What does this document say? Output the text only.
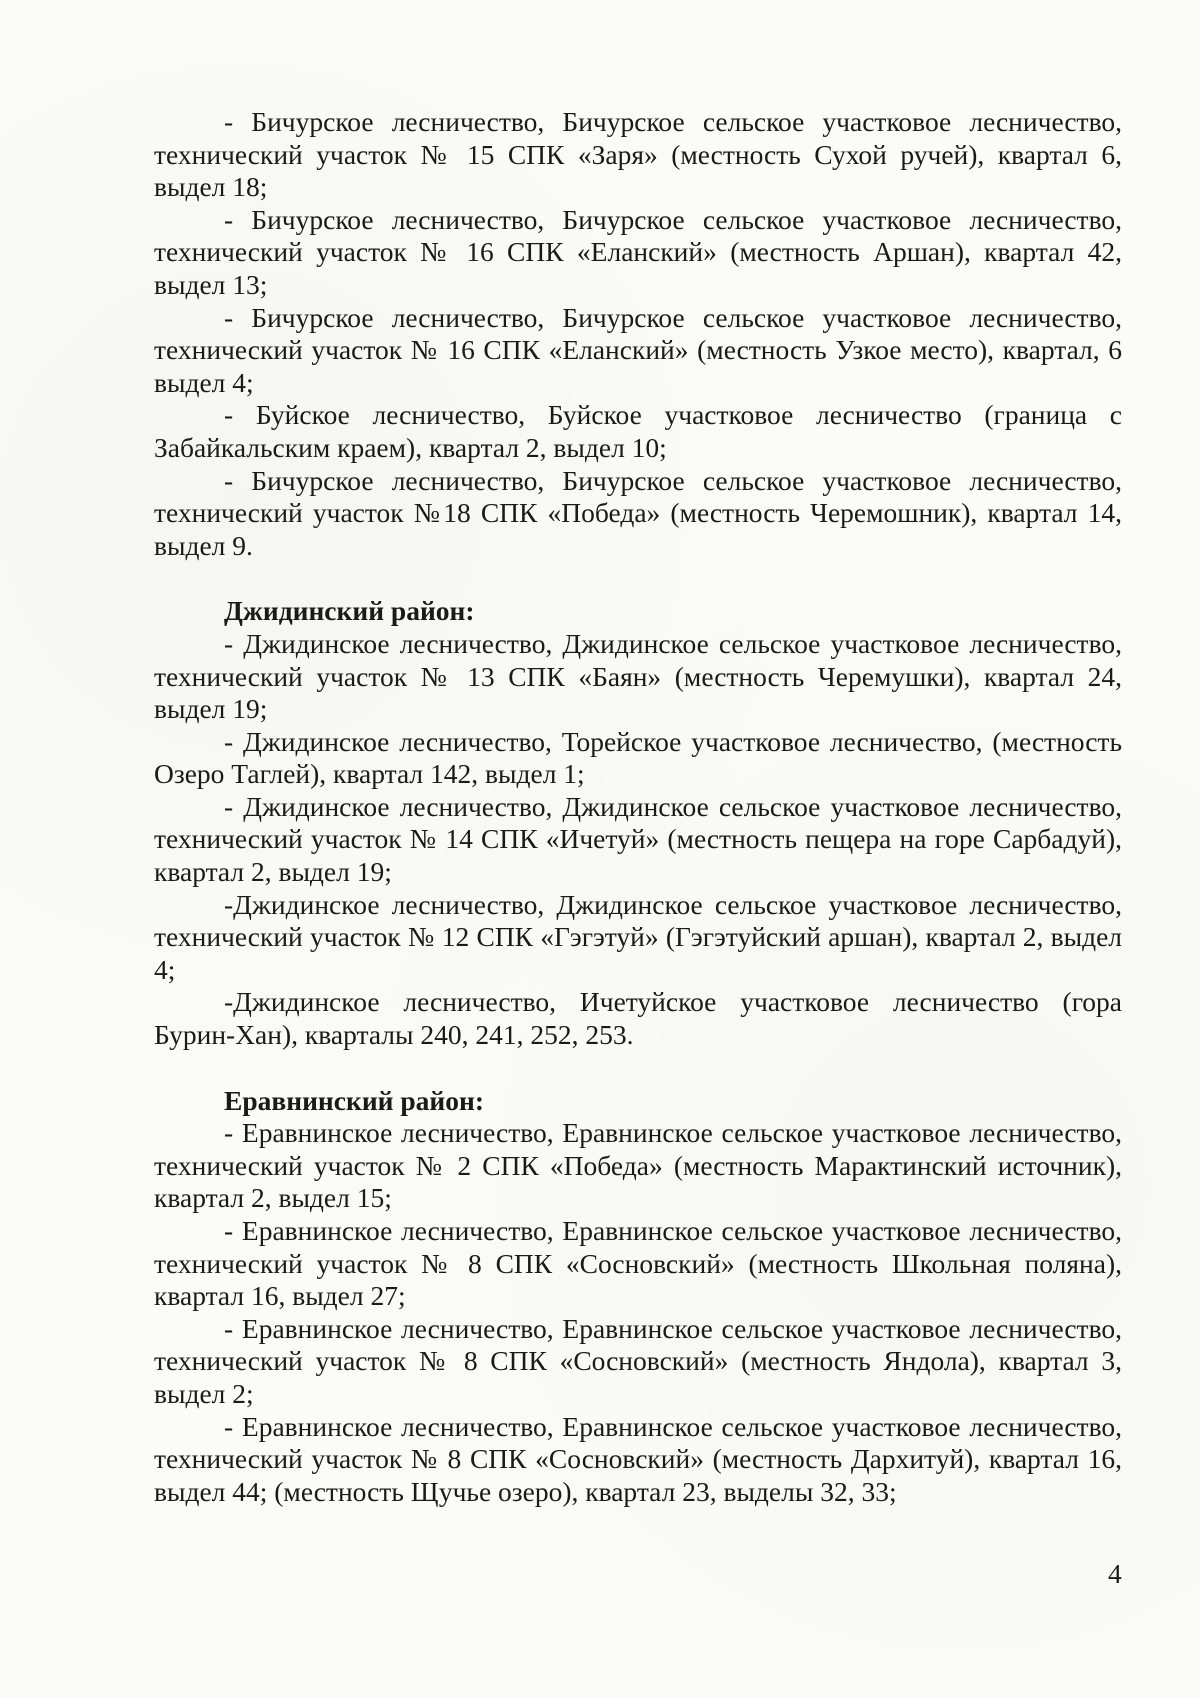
- Бичурское лесничество, Бичурское сельское участковое лесничество, технический участок № 15 СПК «Заря» (местность Сухой ручей), квартал 6, выдел 18;

- Бичурское лесничество, Бичурское сельское участковое лесничество, технический участок № 16 СПК «Еланский» (местность Аршан), квартал 42, выдел 13;

- Бичурское лесничество, Бичурское сельское участковое лесничество, технический участок № 16 СПК «Еланский» (местность Узкое место), квартал, 6 выдел 4;

- Буйское лесничество, Буйское участковое лесничество (граница с Забайкальским краем), квартал 2, выдел 10;

- Бичурское лесничество, Бичурское сельское участковое лесничество, технический участок №18 СПК «Победа» (местность Черемошник), квартал 14, выдел 9.

Джидинский район:

- Джидинское лесничество, Джидинское сельское участковое лесничество, технический участок № 13 СПК «Баян» (местность Черемушки), квартал 24, выдел 19;

- Джидинское лесничество, Торейское участковое лесничество, (местность Озеро Таглей), квартал 142, выдел 1;

- Джидинское лесничество, Джидинское сельское участковое лесничество, технический участок № 14 СПК «Ичетуй» (местность пещера на горе Сарбадуй), квартал 2, выдел 19;

-Джидинское лесничество, Джидинское сельское участковое лесничество, технический участок № 12 СПК «Гэгэтуй» (Гэгэтуйский аршан), квартал 2, выдел 4;

-Джидинское лесничество, Ичетуйское участковое лесничество (гора Бурин-Хан), кварталы 240, 241, 252, 253.

Еравнинский район:

- Еравнинское лесничество, Еравнинское сельское участковое лесничество, технический участок № 2 СПК «Победа» (местность Марактинский источник), квартал 2, выдел 15;

- Еравнинское лесничество, Еравнинское сельское участковое лесничество, технический участок № 8 СПК «Сосновский» (местность Школьная поляна), квартал 16, выдел 27;

- Еравнинское лесничество, Еравнинское сельское участковое лесничество, технический участок № 8 СПК «Сосновский» (местность Яндола), квартал 3, выдел 2;

- Еравнинское лесничество, Еравнинское сельское участковое лесничество, технический участок № 8 СПК «Сосновский» (местность Дархитуй), квартал 16, выдел 44; (местность Щучье озеро), квартал 23, выделы 32, 33;

4
